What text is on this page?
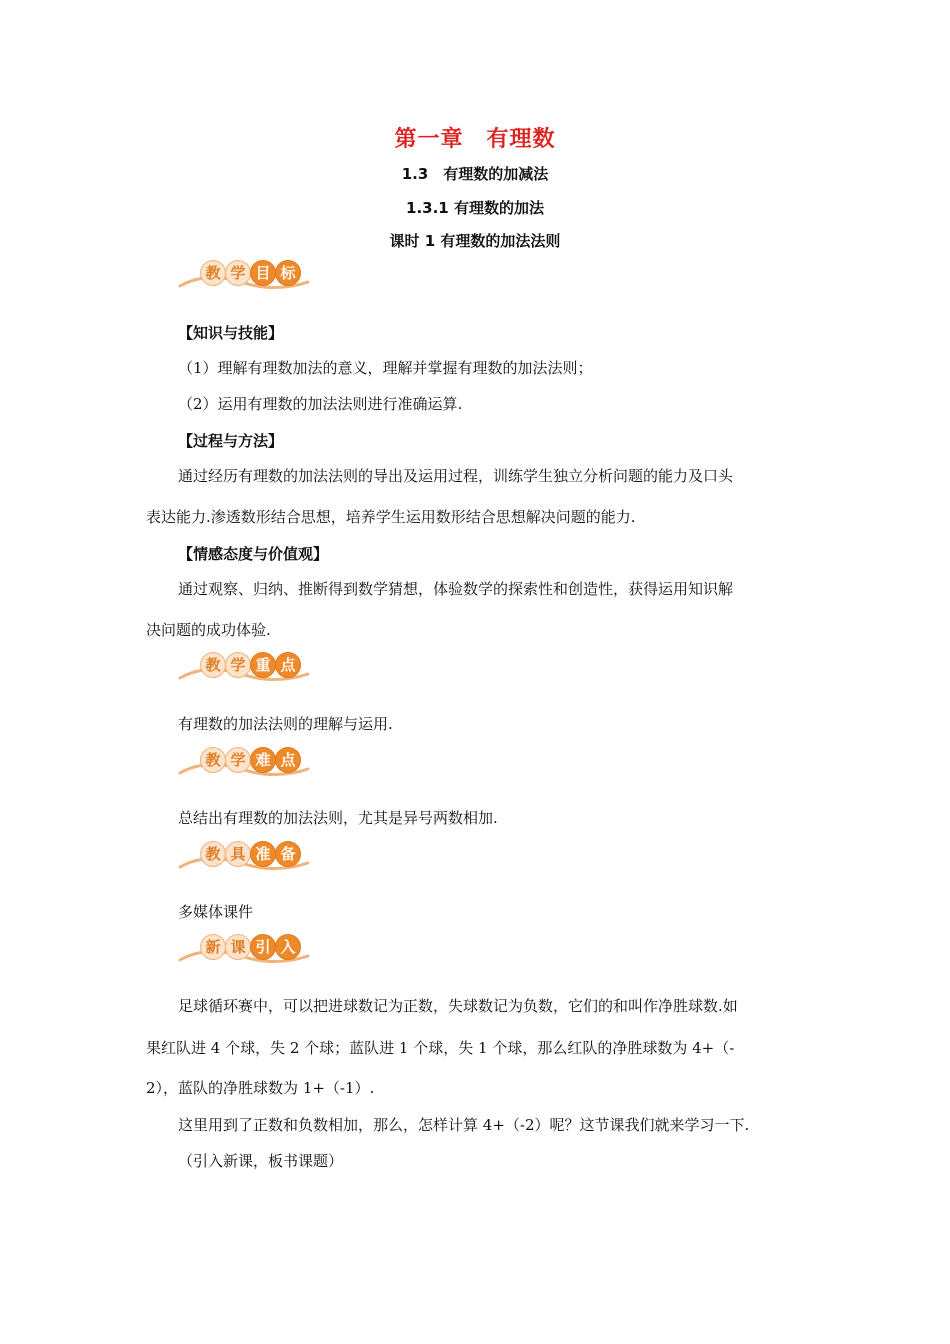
第一章　有理数
1.3　有理数的加减法
1.3.1 有理数的加法
课时 1 有理数的加法法则
教 学 目 标
【知识与技能】
（1）理解有理数加法的意义，理解并掌握有理数的加法法则；
（2）运用有理数的加法法则进行准确运算.
【过程与方法】
通过经历有理数的加法法则的导出及运用过程，训练学生独立分析问题的能力及口头
表达能力.渗透数形结合思想，培养学生运用数形结合思想解决问题的能力.
【情感态度与价值观】
通过观察、归纳、推断得到数学猜想，体验数学的探索性和创造性，获得运用知识解
决问题的成功体验.
教 学 重 点
有理数的加法法则的理解与运用.
教 学 难 点
总结出有理数的加法法则，尤其是异号两数相加.
教 具 准 备
多媒体课件
新 课 引 入
足球循环赛中，可以把进球数记为正数，失球数记为负数，它们的和叫作净胜球数.如
果红队进 4 个球，失 2 个球；蓝队进 1 个球，失 1 个球，那么红队的净胜球数为 4+（-
2），蓝队的净胜球数为 1+（-1）.
这里用到了正数和负数相加，那么，怎样计算 4+（-2）呢？这节课我们就来学习一下.
（引入新课，板书课题）
